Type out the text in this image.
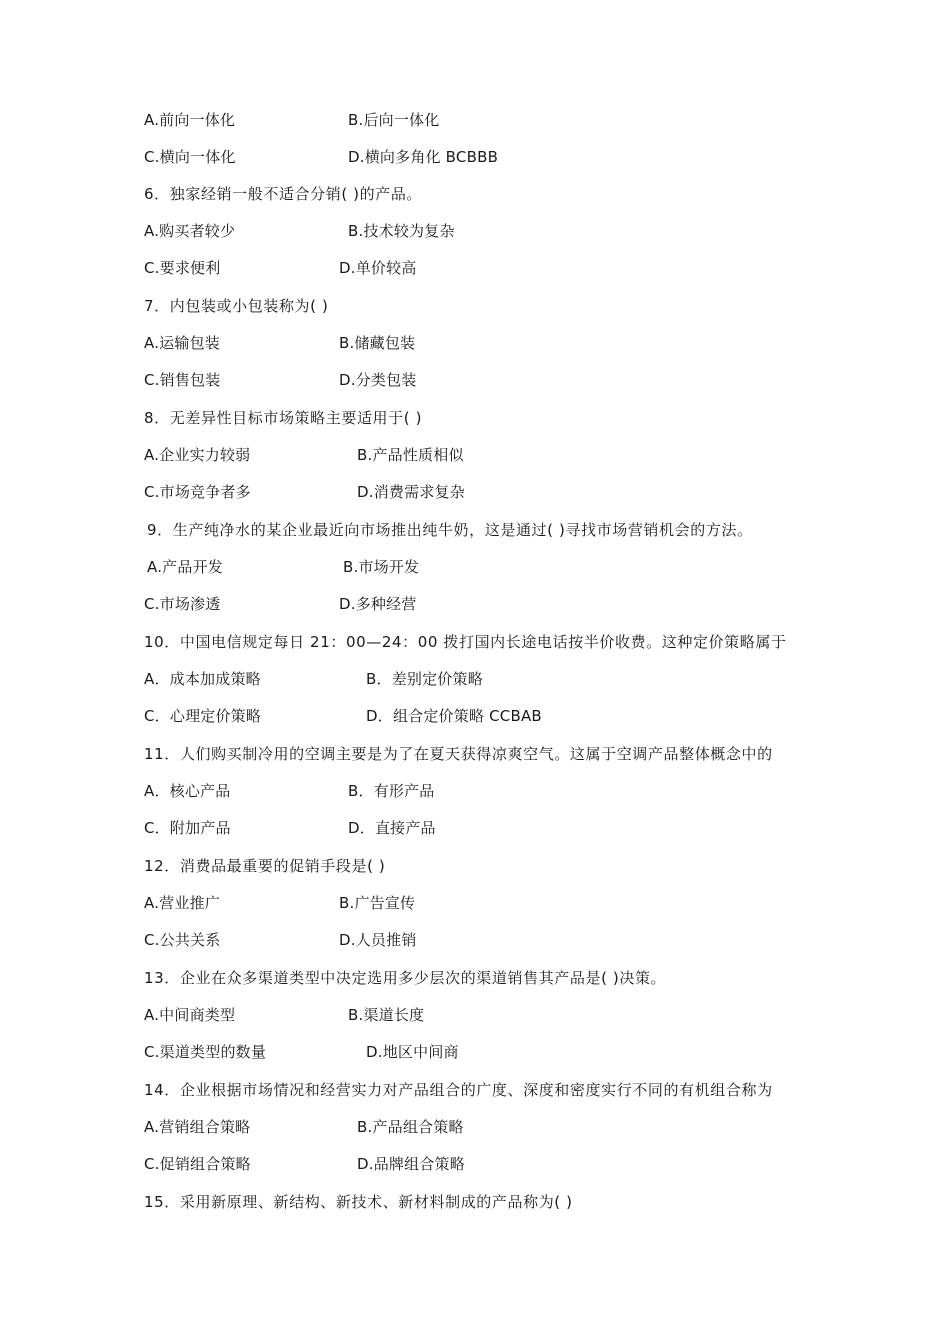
A.前向一体化	B.后向一体化
C.横向一体化	D.横向多角化 BCBBB
6．独家经销一般不适合分销( )的产品。
A.购买者较少	B.技术较为复杂
C.要求便利	D.单价较高
7．内包装或小包装称为( )
A.运输包装	B.储藏包装
C.销售包装	D.分类包装
8．无差异性目标市场策略主要适用于( )
A.企业实力较弱	B.产品性质相似
C.市场竞争者多	D.消费需求复杂
9．生产纯净水的某企业最近向市场推出纯牛奶，这是通过( )寻找市场营销机会的方法。
A.产品开发	B.市场开发
C.市场渗透	D.多种经营
10．中国电信规定每日 21：00—24：00 拨打国内长途电话按半价收费。这种定价策略属于
A．成本加成策略	B．差别定价策略
C．心理定价策略	D．组合定价策略 CCBAB
11．人们购买制冷用的空调主要是为了在夏天获得凉爽空气。这属于空调产品整体概念中的
A．核心产品	B．有形产品
C．附加产品	D．直接产品
12．消费品最重要的促销手段是( )
A.营业推广	B.广告宣传
C.公共关系	D.人员推销
13．企业在众多渠道类型中决定选用多少层次的渠道销售其产品是( )决策。
A.中间商类型	B.渠道长度
C.渠道类型的数量	D.地区中间商
14．企业根据市场情况和经营实力对产品组合的广度、深度和密度实行不同的有机组合称为
A.营销组合策略	B.产品组合策略
C.促销组合策略	D.品牌组合策略
15．采用新原理、新结构、新技术、新材料制成的产品称为( )
